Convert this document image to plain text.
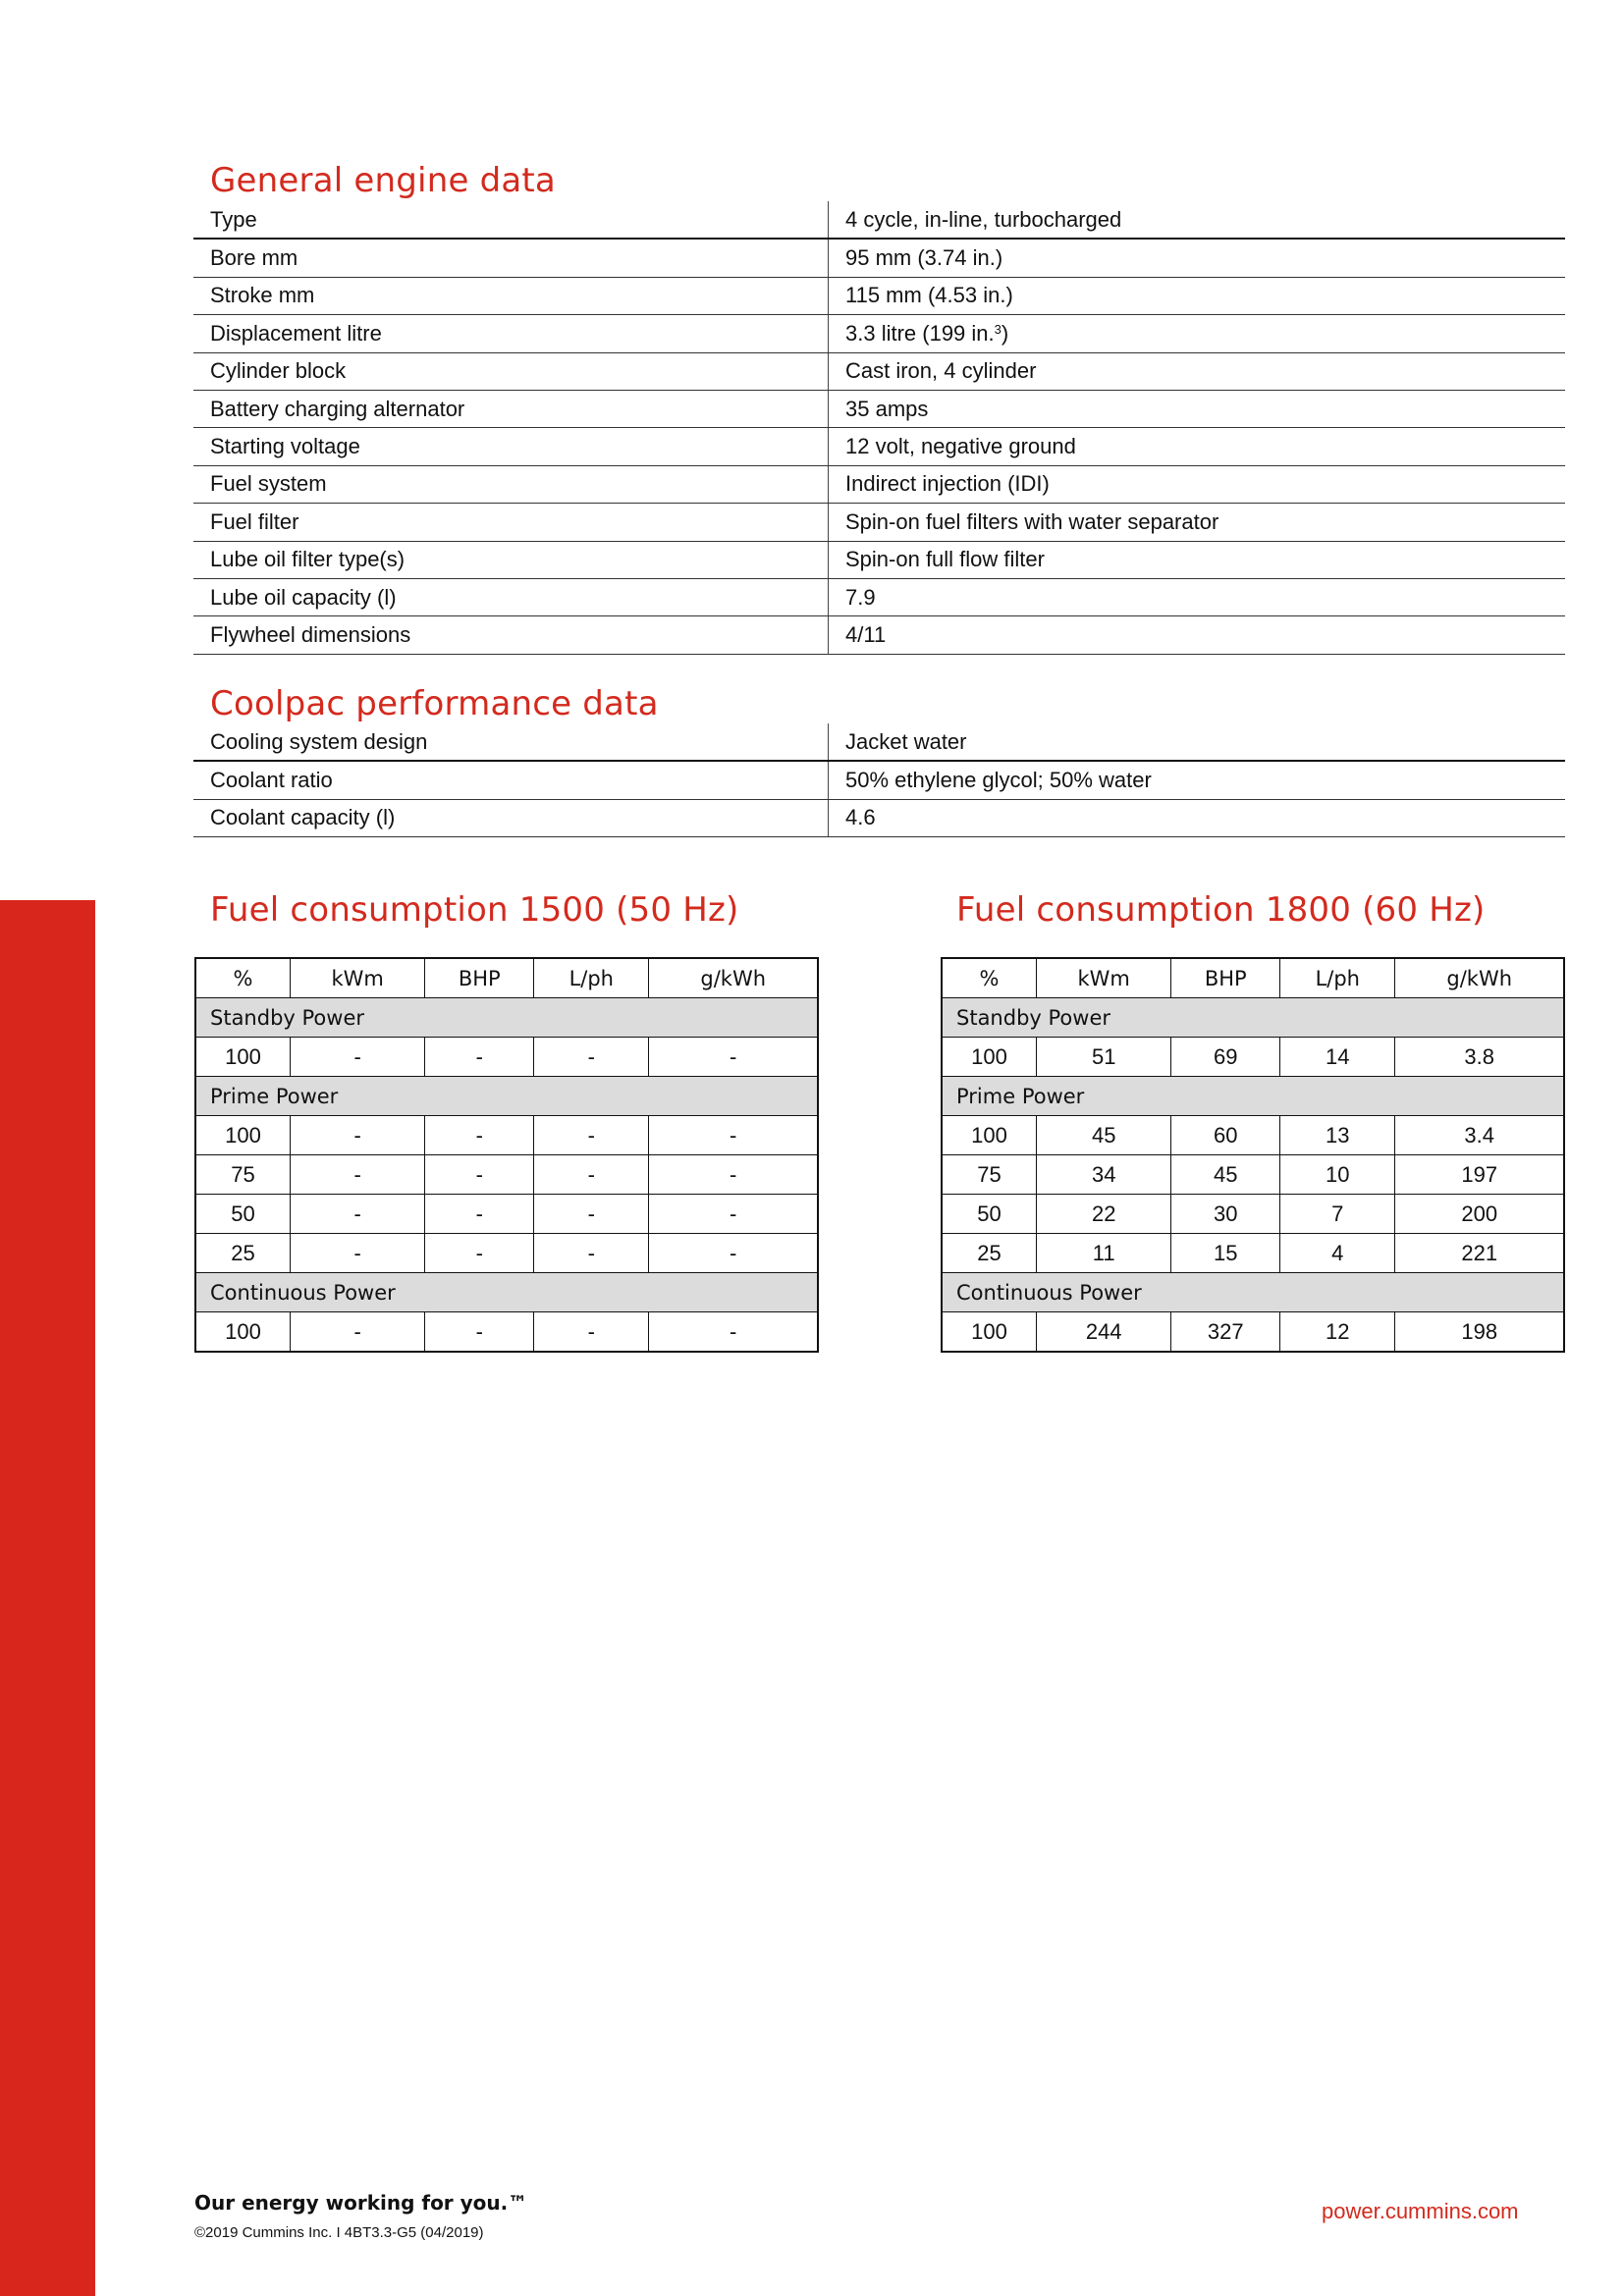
General engine data
Type	4 cycle, in-line, turbocharged
Bore mm	95 mm (3.74 in.)
Stroke mm	115 mm (4.53 in.)
Displacement litre	3.3 litre (199 in.$^3$)
Cylinder block	Cast iron, 4 cylinder
Battery charging alternator	35 amps
Starting voltage	12 volt, negative ground
Fuel system	Indirect injection (IDI)
Fuel filter	Spin-on fuel filters with water separator
Lube oil filter type(s)	Spin-on full flow filter
Lube oil capacity (l)	7.9
Flywheel dimensions	4/11
Coolpac performance data
Cooling system design	Jacket water
Coolant ratio	50% ethylene glycol; 50% water
Coolant capacity (l)	4.6
Fuel consumption 1500 (50 Hz)
%	kWm	BHP	L/ph	g/kWh
Standby Power				
100	-	-	-	-
Prime Power				
100	-	-	-	-
75	-	-	-	-
50	-	-	-	-
25	-	-	-	-
Continuous Power				
100	-	-	-	-
Fuel consumption 1800 (60 Hz)
%	kWm	BHP	L/ph	g/kWh
Standby Power				
100	51	69	14	3.8
Prime Power				
100	45	60	13	3.4
75	34	45	10	197
50	22	30	7	200
25	11	15	4	221
Continuous Power				
100	244	327	12	198

Our energy working for you.™

©2019 Cummins Inc. I 4BT3.3-G5 (04/2019)

power.cummins.com
